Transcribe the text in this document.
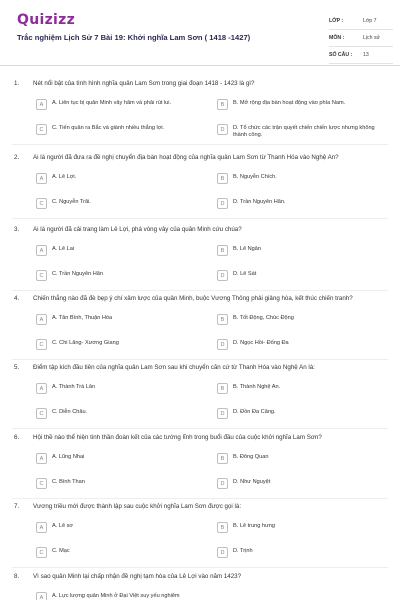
Quizizz
Trắc nghiệm Lịch Sử 7 Bài 19: Khởi nghĩa Lam Sơn ( 1418 -1427)
LỚP :	Lớp 7
MÔN :	Lịch sử
SỐ CÂU :	13
1.	Nét nổi bật của tình hình nghĩa quân Lam Sơn trong giai đoạn 1418 - 1423 là gì?
A	A. Liên tục bị quân Minh vây hãm và phải rút lui.	B	B. Mở rộng địa bàn hoạt động vào phía Nam.
C	C. Tiến quân ra Bắc và giành nhiều thắng lợi.	D	D. Tổ chức các trận quyết chiến chiến lược nhưng không thành công.
2.	Ai là người đã đưa ra đề nghị chuyển địa bàn hoạt động của nghĩa quân Lam Sơn từ Thanh Hóa vào Nghệ An?
A	A. Lê Lợi.	B	B. Nguyễn Chích.
C	C. Nguyễn Trãi.	D	D. Trần Nguyên Hãn.
3.	Ai là người đã cải trang làm Lê Lợi, phá vòng vây của quân Minh cứu chúa?
A	A. Lê Lai	B	B. Lê Ngân
C	C. Trần Nguyên Hãn	D	D. Lê Sát
4.	Chiến thắng nào đã đè bẹp ý chí xâm lược của quân Minh, buộc Vương Thông phải giảng hòa, kết thúc chiến tranh?
A	A. Tân Bình, Thuận Hóa	B	B. Tốt Động, Chúc Động
C	C. Chi Lăng- Xương Giang	D	D. Ngọc Hồi- Đống Đa
5.	Điểm tập kích đầu tiên của nghĩa quân Lam Sơn sau khi chuyển căn cứ từ Thanh Hóa vào Nghệ An là:
A	A. Thành Trà Lân	B	B. Thành Nghệ An.
C	C. Diễn Châu.	D	D. Đồn Đa Căng.
6.	Hội thề nào thể hiện tinh thần đoàn kết của các tướng lĩnh trong buổi đầu của cuộc khởi nghĩa Lam Sơn?
A	A. Lũng Nhai	B	B. Đông Quan
C	C. Bình Than	D	D. Như Nguyệt
7.	Vương triều mới được thành lập sau cuộc khởi nghĩa Lam Sơn được gọi là:
A	A. Lê sơ	B	B. Lê trung hưng
C	C. Mạc	D	D. Trịnh
8.	Vì sao quân Minh lại chấp nhận đề nghị tạm hòa của Lê Lợi vào năm 1423?
A	A. Lực lượng quân Minh ở Đại Việt suy yếu nghiêm
